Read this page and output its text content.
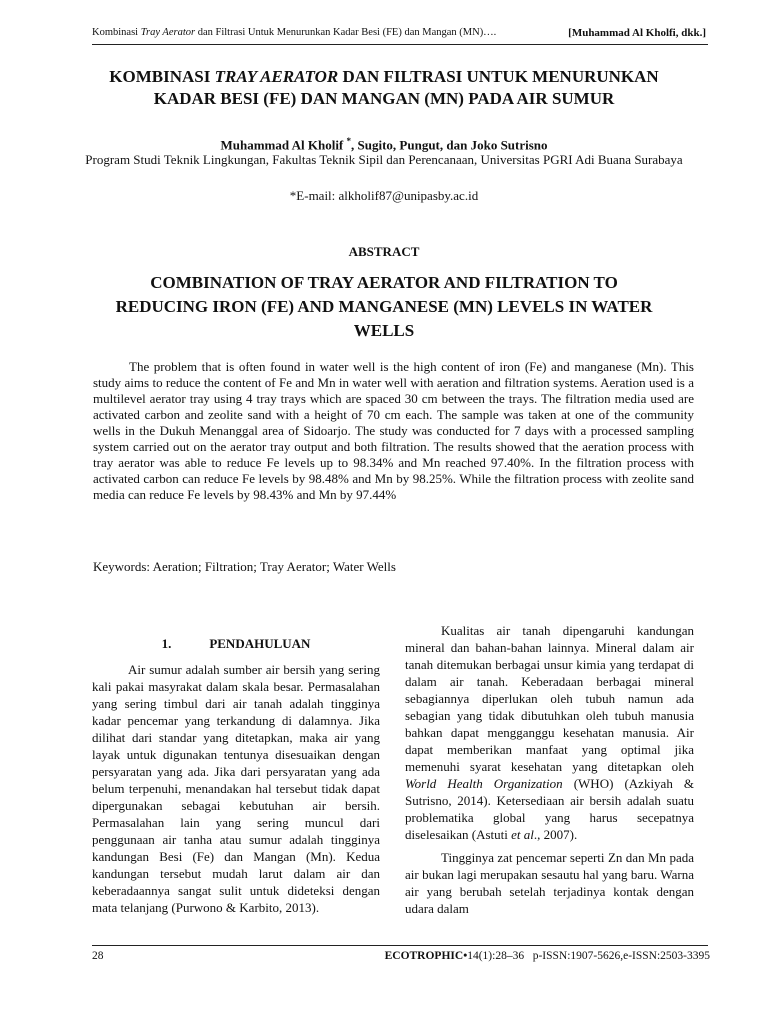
Kombinasi Tray Aerator dan Filtrasi Untuk Menurunkan Kadar Besi (FE) dan Mangan (MN)….	[Muhammad Al Kholfi, dkk.]
KOMBINASI TRAY AERATOR DAN FILTRASI UNTUK MENURUNKAN
KADAR BESI (FE) DAN MANGAN (MN) PADA AIR SUMUR
Muhammad Al Kholif *, Sugito, Pungut, dan Joko Sutrisno
Program Studi Teknik Lingkungan, Fakultas Teknik Sipil dan Perencanaan, Universitas PGRI Adi Buana Surabaya
*E-mail: alkholif87@unipasby.ac.id
ABSTRACT
COMBINATION OF TRAY AERATOR AND FILTRATION TO
REDUCING IRON (FE) AND MANGANESE (MN) LEVELS IN WATER
WELLS

The problem that is often found in water well is the high content of iron (Fe) and manganese (Mn). This study aims to reduce the content of Fe and Mn in water well with aeration and filtration systems. Aeration used is a multilevel aerator tray using 4 tray trays which are spaced 30 cm between the trays. The filtration media used are activated carbon and zeolite sand with a height of 70 cm each. The sample was taken at one of the community wells in the Dukuh Menanggal area of Sidoarjo. The study was conducted for 7 days with a processed sampling system carried out on the aerator tray output and both filtration. The results showed that the aeration process with tray aerator was able to reduce Fe levels up to 98.34% and Mn reached 97.40%. In the filtration process with activated carbon can reduce Fe levels by 98.48% and Mn by 98.25%. While the filtration process with zeolite sand media can reduce Fe levels by 98.43% and Mn by 97.44%

Keywords: Aeration; Filtration; Tray Aerator; Water Wells
1.	PENDAHULUAN

Air sumur adalah sumber air bersih yang sering kali pakai masyrakat dalam skala besar. Permasalahan yang sering timbul dari air tanah adalah tingginya kadar pencemar yang terkandung di dalamnya. Jika dilihat dari standar yang ditetapkan, maka air yang layak untuk digunakan tentunya disesuaikan dengan persyaratan yang ada. Jika dari persyaratan yang ada belum terpenuhi, menandakan hal tersebut tidak dapat dipergunakan sebagai kebutuhan air bersih. Permasalahan lain yang sering muncul dari penggunaan air tanha atau sumur adalah tingginya kandungan Besi (Fe) dan Mangan (Mn). Kedua kandungan tersebut mudah larut dalam air dan keberadaannya sangat sulit untuk dideteksi dengan mata telanjang (Purwono & Karbito, 2013).

Kualitas air tanah dipengaruhi kandungan mineral dan bahan-bahan lainnya. Mineral dalam air tanah ditemukan berbagai unsur kimia yang terdapat di dalam air tanah. Keberadaan berbagai mineral sebagiannya diperlukan oleh tubuh namun ada sebagian yang tidak dibutuhkan oleh tubuh manusia bahkan dapat mengganggu kesehatan manusia. Air dapat memberikan manfaat yang optimal jika memenuhi syarat kesehatan yang ditetapkan oleh World Health Organization (WHO) (Azkiyah & Sutrisno, 2014). Ketersediaan air bersih adalah suatu problematika global yang harus secepatnya diselesaikan (Astuti et al., 2007).

Tingginya zat pencemar seperti Zn dan Mn pada air bukan lagi merupakan sesautu hal yang baru. Warna air yang berubah setelah terjadinya kontak dengan udara dalam

28	ECOTROPHIC•14(1):28–36 p-ISSN:1907-5626,e-ISSN:2503-3395
